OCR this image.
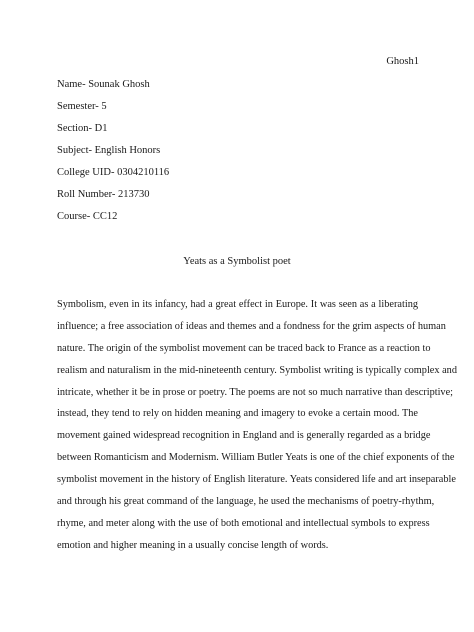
Ghosh1
Name- Sounak Ghosh
Semester- 5
Section- D1
Subject- English Honors
College UID- 0304210116
Roll Number- 213730
Course- CC12
Yeats as a Symbolist poet
Symbolism, even in its infancy, had a great effect in Europe. It was seen as a liberating
influence; a free association of ideas and themes and a fondness for the grim aspects of human
nature. The origin of the symbolist movement can be traced back to France as a reaction to
realism and naturalism in the mid-nineteenth century. Symbolist writing is typically complex and
intricate, whether it be in prose or poetry. The poems are not so much narrative than descriptive;
instead, they tend to rely on hidden meaning and imagery to evoke a certain mood. The
movement gained widespread recognition in England and is generally regarded as a bridge
between Romanticism and Modernism. William Butler Yeats is one of the chief exponents of the
symbolist movement in the history of English literature. Yeats considered life and art inseparable
and through his great command of the language, he used the mechanisms of poetry-rhythm,
rhyme, and meter along with the use of both emotional and intellectual symbols to express
emotion and higher meaning in a usually concise length of words.
